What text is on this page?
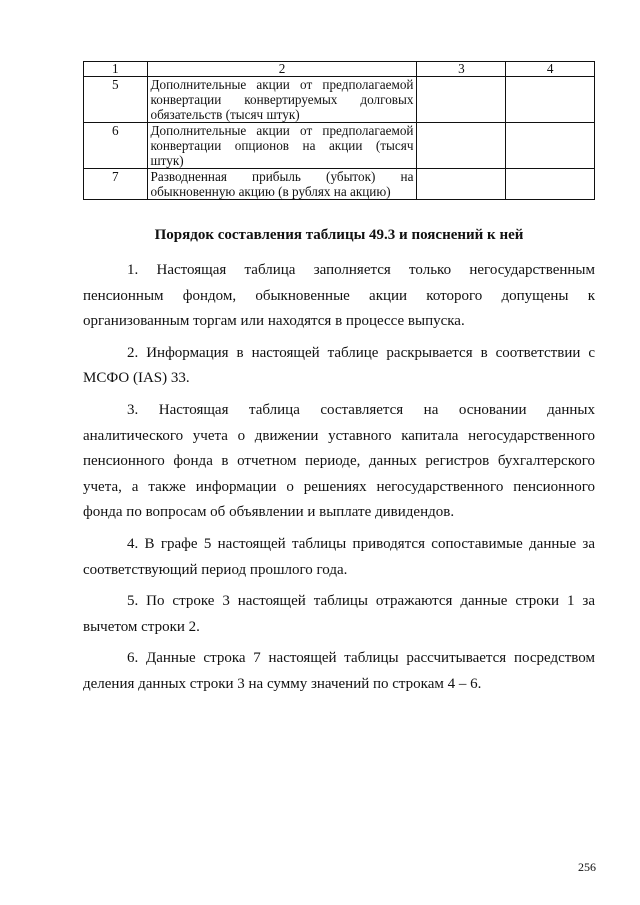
1	2	3	4
5	Дополнительные акции от предполагаемой
конвертации конвертируемых долговых
обязательств (тысяч штук)		

6	Дополнительные акции от предполагаемой
конвертации опционов на акции (тысяч
штук)		

7	Разводненная прибыль (убыток) на
обыкновенную акцию (в рублях на акцию)		

Порядок составления таблицы 49.3 и пояснений к ней

1. Настоящая таблица заполняется только негосударственным
пенсионным фондом, обыкновенные акции которого допущены к
организованным торгам или находятся в процессе выпуска.

2. Информация в настоящей таблице раскрывается в соответствии с
МСФО (IAS) 33.

3. Настоящая таблица составляется на основании данных
аналитического учета о движении уставного капитала негосударственного
пенсионного фонда в отчетном периоде, данных регистров бухгалтерского
учета, а также информации о решениях негосударственного пенсионного
фонда по вопросам об объявлении и выплате дивидендов.

4. В графе 5 настоящей таблицы приводятся сопоставимые данные за
соответствующий период прошлого года.

5. По строке 3 настоящей таблицы отражаются данные строки 1 за
вычетом строки 2.

6. Данные строка 7 настоящей таблицы рассчитывается посредством
деления данных строки 3 на сумму значений по строкам 4 – 6.

256
